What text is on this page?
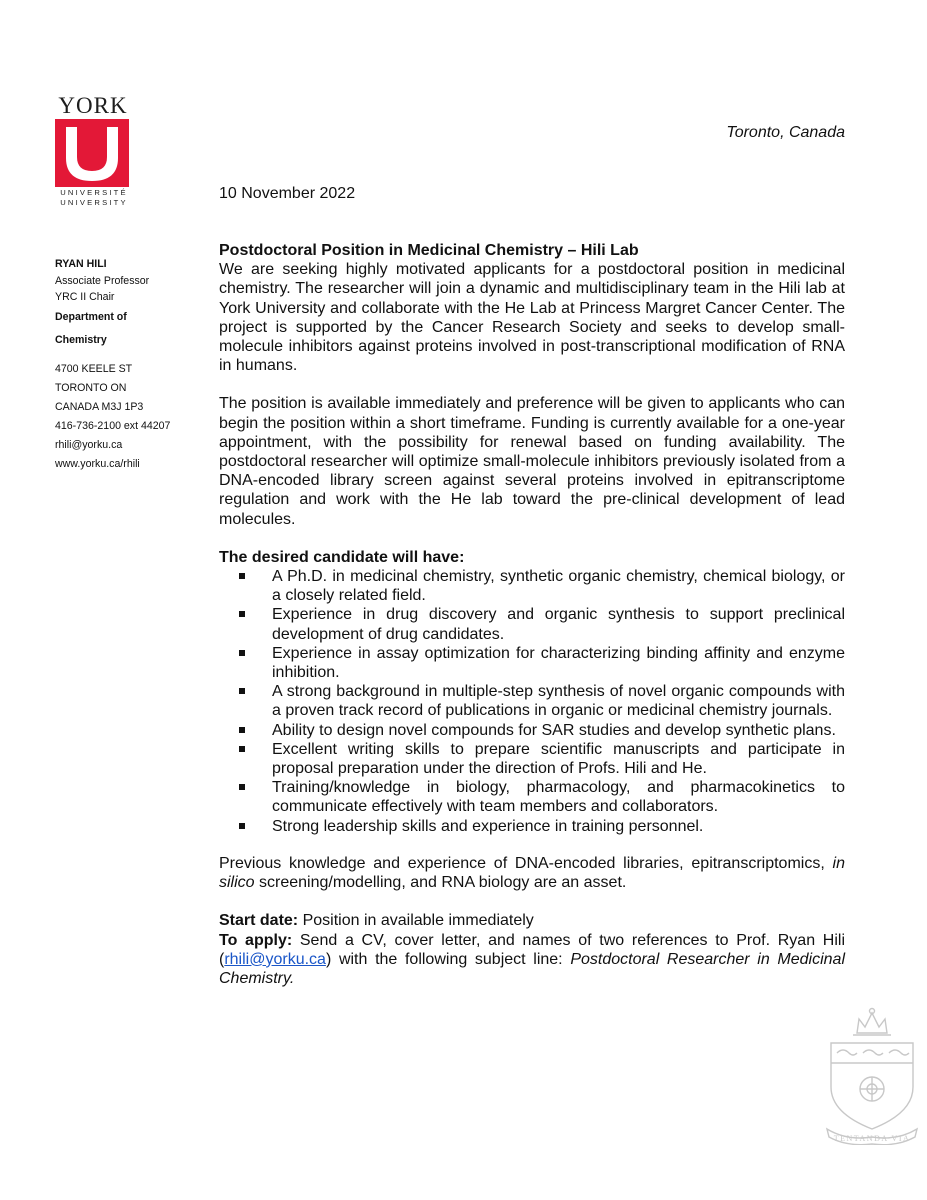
YORK
UNIVERSITÉ
UNIVERSITY
RYAN HILI
Associate Professor
YRC II Chair
Department of
Chemistry
4700 KEELE ST
TORONTO ON
CANADA M3J 1P3
416-736-2100 ext 44207
rhili@yorku.ca
www.yorku.ca/rhili
Toronto, Canada
10 November 2022

Postdoctoral Position in Medicinal Chemistry – Hili Lab

We are seeking highly motivated applicants for a postdoctoral position in medicinal chemistry. The researcher will join a dynamic and multidisciplinary team in the Hili lab at York University and collaborate with the He Lab at Princess Margret Cancer Center. The project is supported by the Cancer Research Society and seeks to develop small-molecule inhibitors against proteins involved in post-transcriptional modification of RNA in humans.

The position is available immediately and preference will be given to applicants who can begin the position within a short timeframe. Funding is currently available for a one-year appointment, with the possibility for renewal based on funding availability. The postdoctoral researcher will optimize small-molecule inhibitors previously isolated from a DNA-encoded library screen against several proteins involved in epitranscriptome regulation and work with the He lab toward the pre-clinical development of lead molecules.

The desired candidate will have:

A Ph.D. in medicinal chemistry, synthetic organic chemistry, chemical biology, or a closely related field.
Experience in drug discovery and organic synthesis to support preclinical development of drug candidates.
Experience in assay optimization for characterizing binding affinity and enzyme inhibition.
A strong background in multiple-step synthesis of novel organic compounds with a proven track record of publications in organic or medicinal chemistry journals.
Ability to design novel compounds for SAR studies and develop synthetic plans.
Excellent writing skills to prepare scientific manuscripts and participate in proposal preparation under the direction of Profs. Hili and He.
Training/knowledge in biology, pharmacology, and pharmacokinetics to communicate effectively with team members and collaborators.
Strong leadership skills and experience in training personnel.

Previous knowledge and experience of DNA-encoded libraries, epitranscriptomics, in silico screening/modelling, and RNA biology are an asset.

Start date: Position in available immediately

To apply: Send a CV, cover letter, and names of two references to Prof. Ryan Hili (rhili@yorku.ca) with the following subject line: Postdoctoral Researcher in Medicinal Chemistry.

TENTANDA VIA
